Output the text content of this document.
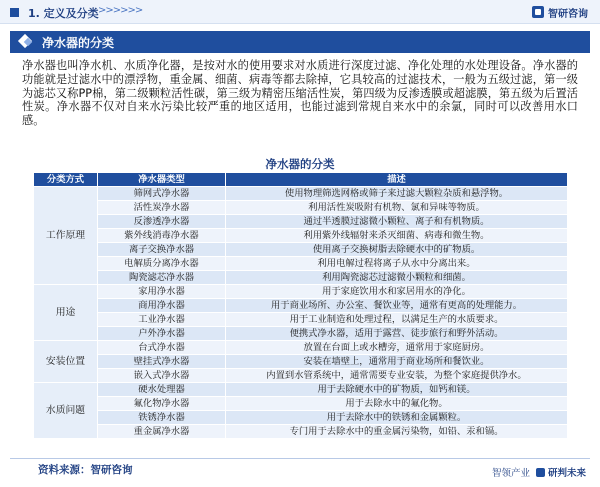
1. 定义及分类 >>>>>>	智研咨询
净水器的分类
净水器也叫净水机、水质净化器，是按对水的使用要求对水质进行深度过滤、净化处理的水处理设备。净水器的功能就是过滤水中的漂浮物，重金属、细菌、病毒等都去除掉，它具较高的过滤技术，一般为五级过滤，第一级为滤芯又称PP棉，第二级颗粒活性碳，第三级为精密压缩活性炭，第四级为反渗透膜或超滤膜，第五级为后置活性炭。净水器不仅对自来水污染比较严重的地区适用，也能过滤到常规自来水中的余氯，同时可以改善用水口感。
净水器的分类
分类方式	净水器类型	描述
工作原理	筛网式净水器	使用物理筛选网格或筛子来过滤大颗粒杂质和悬浮物。
	活性炭净水器	利用活性炭吸附有机物、氯和异味等物质。
	反渗透净水器	通过半透膜过滤微小颗粒、离子和有机物质。
	紫外线消毒净水器	利用紫外线辐射来杀灭细菌、病毒和微生物。
	离子交换净水器	使用离子交换树脂去除硬水中的矿物质。
	电解质分离净水器	利用电解过程将离子从水中分离出来。
	陶瓷滤芯净水器	利用陶瓷滤芯过滤微小颗粒和细菌。
用途	家用净水器	用于家庭饮用水和家居用水的净化。
	商用净水器	用于商业场所、办公室、餐饮业等，通常有更高的处理能力。
	工业净水器	用于工业制造和处理过程，以满足生产的水质要求。
	户外净水器	便携式净水器，适用于露营、徒步旅行和野外活动。
安装位置	台式净水器	放置在台面上或水槽旁，通常用于家庭厨房。
	壁挂式净水器	安装在墙壁上，通常用于商业场所和餐饮业。
	嵌入式净水器	内置到水管系统中，通常需要专业安装，为整个家庭提供净水。
水质问题	硬水处理器	用于去除硬水中的矿物质，如钙和镁。
	氟化物净水器	用于去除水中的氟化物。
	铁锈净水器	用于去除水中的铁锈和金属颗粒。
	重金属净水器	专门用于去除水中的重金属污染物，如铅、汞和镉。
资料来源：智研咨询	智 领产业 研判未来
